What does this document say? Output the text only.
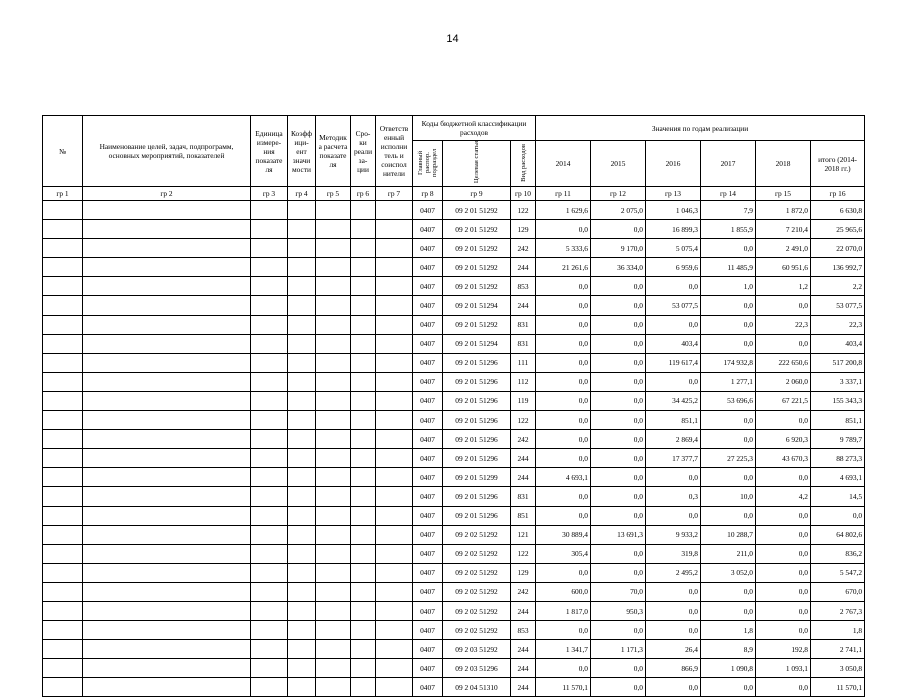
14
№	Наименование целей, задач, подпрограмм, основных мероприятий, показателей	Единица измере- ния показате ля	Коэфф ици- ент значи мости	Методик а расчета показате ля	Сро- ки реали за- ции	Ответств енный исполни тель и соиспол нители	Коды бюджетной классификации расходов			Значения по годам реализации					
							Главный распор. подраздел	Целевая статья	Вид расходов	2014	2015	2016	2017	2018	итого (2014-2018 гг.)
гр 1	гр 2	гр 3	гр 4	гр 5	гр 6	гр 7	гр 8	гр 9	гр 10	гр 11	гр 12	гр 13	гр 14	гр 15	гр 16
							0407	09 2 01 51292	122	1 629,6	2 075,0	1 046,3	7,9	1 872,0	6 630,8
							0407	09 2 01 51292	129	0,0	0,0	16 899,3	1 855,9	7 210,4	25 965,6
							0407	09 2 01 51292	242	5 333,6	9 170,0	5 075,4	0,0	2 491,0	22 070,0
							0407	09 2 01 51292	244	21 261,6	36 334,0	6 959,6	11 485,9	60 951,6	136 992,7
							0407	09 2 01 51292	853	0,0	0,0	0,0	1,0	1,2	2,2
							0407	09 2 01 51294	244	0,0	0,0	53 077,5	0,0	0,0	53 077,5
							0407	09 2 01 51292	831	0,0	0,0	0,0	0,0	22,3	22,3
							0407	09 2 01 51294	831	0,0	0,0	403,4	0,0	0,0	403,4
							0407	09 2 01 51296	111	0,0	0,0	119 617,4	174 932,8	222 650,6	517 200,8
							0407	09 2 01 51296	112	0,0	0,0	0,0	1 277,1	2 060,0	3 337,1
							0407	09 2 01 51296	119	0,0	0,0	34 425,2	53 696,6	67 221,5	155 343,3
							0407	09 2 01 51296	122	0,0	0,0	851,1	0,0	0,0	851,1
							0407	09 2 01 51296	242	0,0	0,0	2 869,4	0,0	6 920,3	9 789,7
							0407	09 2 01 51296	244	0,0	0,0	17 377,7	27 225,3	43 670,3	88 273,3
							0407	09 2 01 51299	244	4 693,1	0,0	0,0	0,0	0,0	4 693,1
							0407	09 2 01 51296	831	0,0	0,0	0,3	10,0	4,2	14,5
							0407	09 2 01 51296	851	0,0	0,0	0,0	0,0	0,0	0,0
							0407	09 2 02 51292	121	30 889,4	13 691,3	9 933,2	10 288,7	0,0	64 802,6
							0407	09 2 02 51292	122	305,4	0,0	319,8	211,0	0,0	836,2
							0407	09 2 02 51292	129	0,0	0,0	2 495,2	3 052,0	0,0	5 547,2
							0407	09 2 02 51292	242	600,0	70,0	0,0	0,0	0,0	670,0
							0407	09 2 02 51292	244	1 817,0	950,3	0,0	0,0	0,0	2 767,3
							0407	09 2 02 51292	853	0,0	0,0	0,0	1,8	0,0	1,8
							0407	09 2 03 51292	244	1 341,7	1 171,3	26,4	8,9	192,8	2 741,1
							0407	09 2 03 51296	244	0,0	0,0	866,9	1 090,8	1 093,1	3 050,8
							0407	09 2 04 51310	244	11 570,1	0,0	0,0	0,0	0,0	11 570,1
